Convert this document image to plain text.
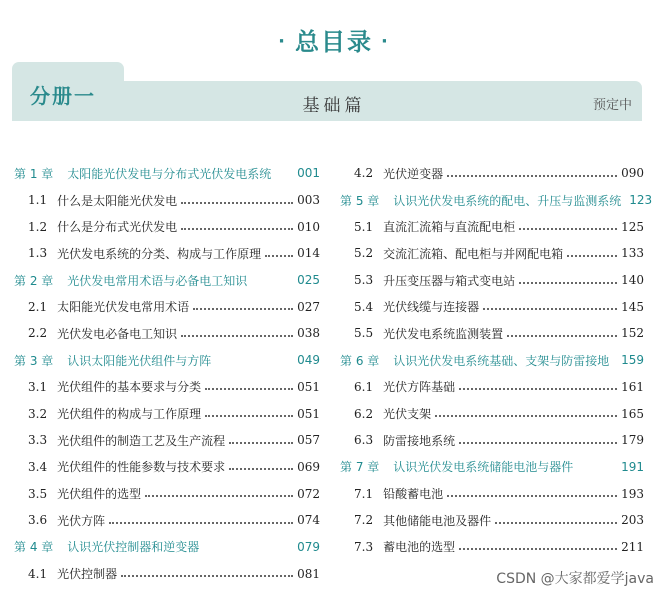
· 总目录 ·
分册一	基础篇	预定中
第 1 章 太阳能光伏发电与分布式光伏发电系统 001
1.1 什么是太阳能光伏发电	003
1.2 什么是分布式光伏发电	010
1.3 光伏发电系统的分类、构成与工作原理	014
第 2 章 光伏发电常用术语与必备电工知识	025
2.1 太阳能光伏发电常用术语	027
2.2 光伏发电必备电工知识	038
第 3 章 认识太阳能光伏组件与方阵	049
3.1 光伏组件的基本要求与分类	051
3.2 光伏组件的构成与工作原理	051
3.3 光伏组件的制造工艺及生产流程	057
3.4 光伏组件的性能参数与技术要求	069
3.5 光伏组件的选型	072
3.6 光伏方阵	074
第 4 章 认识光伏控制器和逆变器	079
4.1 光伏控制器	081
4.2 光伏逆变器	090
第 5 章 认识光伏发电系统的配电、升压与监测系统 123
5.1 直流汇流箱与直流配电柜	125
5.2 交流汇流箱、配电柜与并网配电箱	133
5.3 升压变压器与箱式变电站	140
5.4 光伏线缆与连接器	145
5.5 光伏发电系统监测装置	152
第 6 章 认识光伏发电系统基础、支架与防雷接地 159
6.1 光伏方阵基础	161
6.2 光伏支架	165
6.3 防雷接地系统	179
第 7 章 认识光伏发电系统储能电池与器件	191
7.1 铅酸蓄电池	193
7.2 其他储能电池及器件	203
7.3 蓄电池的选型	211
CSDN @大家都爱学java
